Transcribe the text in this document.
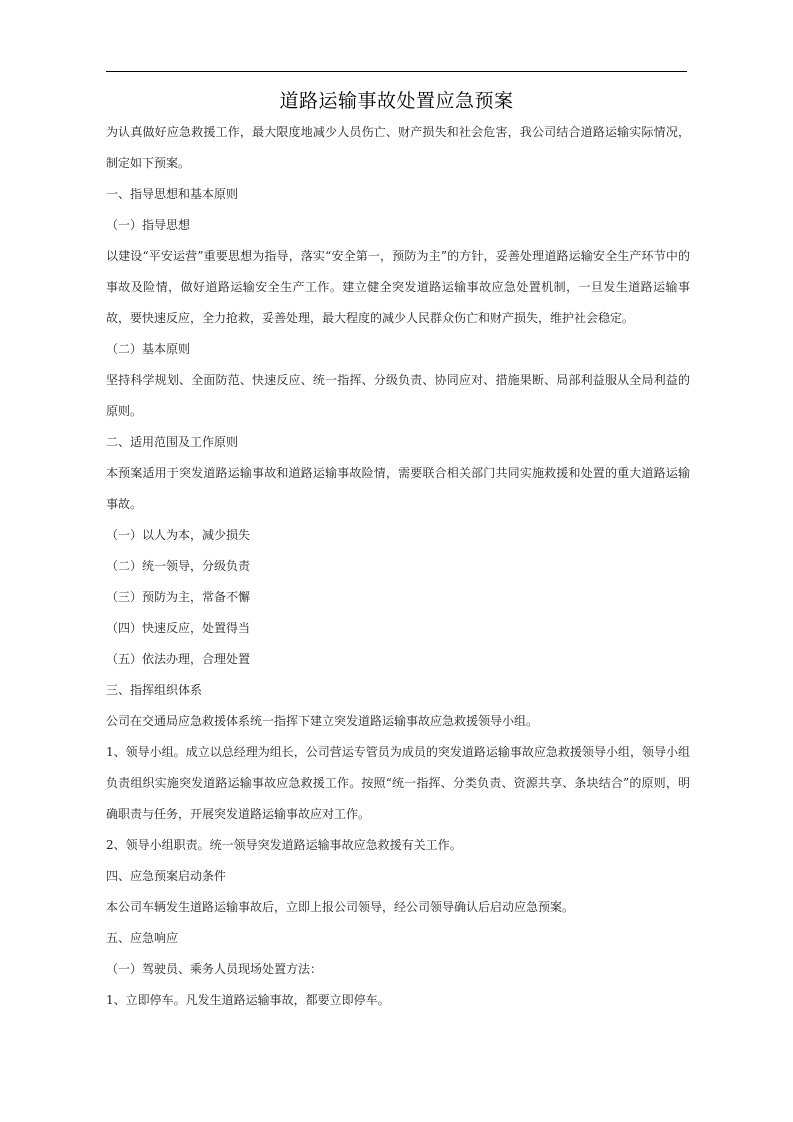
道路运输事故处置应急预案

为认真做好应急救援工作，最大限度地减少人员伤亡、财产损失和社会危害，我公司结合道路运输实际情况，制定如下预案。

一、指导思想和基本原则

（一）指导思想

以建设“平安运营”重要思想为指导，落实“安全第一，预防为主”的方针，妥善处理道路运输安全生产环节中的事故及险情，做好道路运输安全生产工作。建立健全突发道路运输事故应急处置机制，一旦发生道路运输事故，要快速反应，全力抢救，妥善处理，最大程度的减少人民群众伤亡和财产损失，维护社会稳定。

（二）基本原则

坚持科学规划、全面防范、快速反应、统一指挥、分级负责、协同应对、措施果断、局部利益服从全局利益的原则。

二、适用范围及工作原则

本预案适用于突发道路运输事故和道路运输事故险情，需要联合相关部门共同实施救援和处置的重大道路运输事故。

（一）以人为本，减少损失

（二）统一领导，分级负责

（三）预防为主，常备不懈

（四）快速反应，处置得当

（五）依法办理，合理处置

三、指挥组织体系

公司在交通局应急救援体系统一指挥下建立突发道路运输事故应急救援领导小组。

1、领导小组。成立以总经理为组长，公司营运专管员为成员的突发道路运输事故应急救援领导小组，领导小组负责组织实施突发道路运输事故应急救援工作。按照“统一指挥、分类负责、资源共享、条块结合”的原则，明确职责与任务，开展突发道路运输事故应对工作。

2、领导小组职责。统一领导突发道路运输事故应急救援有关工作。

四、应急预案启动条件

本公司车辆发生道路运输事故后，立即上报公司领导，经公司领导确认后启动应急预案。

五、应急响应

（一）驾驶员、乘务人员现场处置方法：

1、立即停车。凡发生道路运输事故，都要立即停车。
